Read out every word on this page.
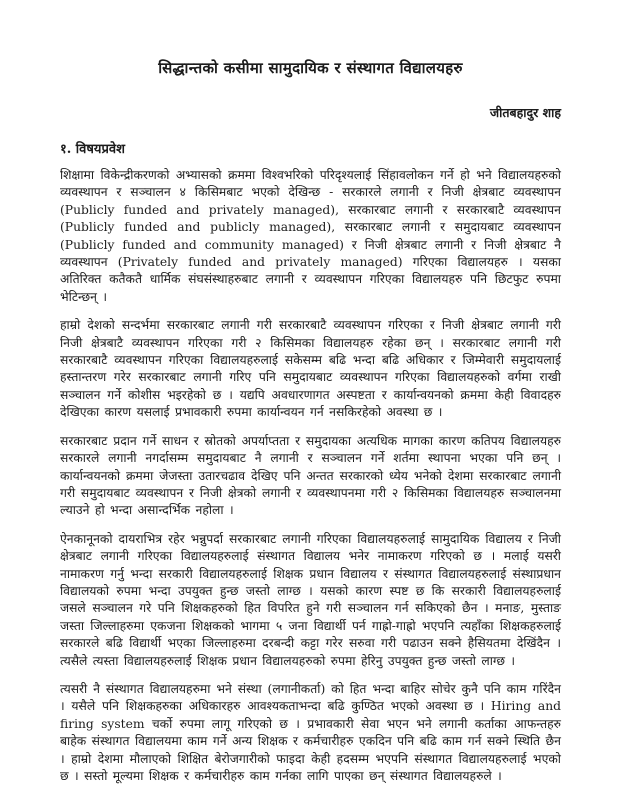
सिद्धान्तको कसीमा सामुदायिक र संस्थागत विद्यालयहरु
जीतबहादुर शाह
१. विषयप्रवेश

शिक्षामा विकेन्द्रीकरणको अभ्यासको क्रममा विश्वभरिको परिदृश्यलाई सिंहावलोकन गर्ने हो भने विद्यालयहरुको व्यवस्थापन र सञ्चालन ४ किसिमबाट भएको देखिन्छ - सरकारले लगानी र निजी क्षेत्रबाट व्यवस्थापन (Publicly funded and privately managed), सरकारबाट लगानी र सरकारबाटै व्यवस्थापन (Publicly funded and publicly managed), सरकारबाट लगानी र समुदायबाट व्यवस्थापन (Publicly funded and community managed) र निजी क्षेत्रबाट लगानी र निजी क्षेत्रबाट नै व्यवस्थापन (Privately funded and privately managed) गरिएका विद्यालयहरु । यसका अतिरिक्त कतैकतै धार्मिक संघसंस्थाहरुबाट लगानी र व्यवस्थापन गरिएका विद्यालयहरु पनि छिटफुट रुपमा भेटिन्छन् ।

हाम्रो देशको सन्दर्भमा सरकारबाट लगानी गरी सरकारबाटै व्यवस्थापन गरिएका र निजी क्षेत्रबाट लगानी गरी निजी क्षेत्रबाटै व्यवस्थापन गरिएका गरी २ किसिमका विद्यालयहरु रहेका छन् । सरकारबाट लगानी गरी सरकारबाटै व्यवस्थापन गरिएका विद्यालयहरुलाई सकेसम्म बढि भन्दा बढि अधिकार र जिम्मेवारी समुदायलाई हस्तान्तरण गरेर सरकारबाट लगानी गरिए पनि समुदायबाट व्यवस्थापन गरिएका विद्यालयहरुको वर्गमा राखी सञ्चालन गर्ने कोशीस भइरहेको छ । यद्यपि अवधारणागत अस्पष्टता र कार्यान्वयनको क्रममा केही विवादहरु देखिएका कारण यसलाई प्रभावकारी रुपमा कार्यान्वयन गर्न नसकिरहेको अवस्था छ ।

सरकारबाट प्रदान गर्ने साधन र स्रोतको अपर्याप्तता र समुदायका अत्यधिक मागका कारण कतिपय विद्यालयहरु सरकारले लगानी नगर्दासम्म समुदायबाट नै लगानी र सञ्चालन गर्ने शर्तमा स्थापना भएका पनि छन् । कार्यान्वयनको क्रममा जेजस्ता उतारचढाव देखिए पनि अन्तत सरकारको ध्येय भनेको देशमा सरकारबाट लगानी गरी समुदायबाट व्यवस्थापन र निजी क्षेत्रको लगानी र व्यवस्थापनमा गरी २ किसिमका विद्यालयहरु सञ्चालनमा ल्याउने हो भन्दा असान्दर्भिक नहोला ।

ऐनकानूनको दायराभित्र रहेर भन्नुपर्दा सरकारबाट लगानी गरिएका विद्यालयहरुलाई सामुदायिक विद्यालय र निजी क्षेत्रबाट लगानी गरिएका विद्यालयहरुलाई संस्थागत विद्यालय भनेर नामाकरण गरिएको छ । मलाई यसरी नामाकरण गर्नु भन्दा सरकारी विद्यालयहरुलाई शिक्षक प्रधान विद्यालय र संस्थागत विद्यालयहरुलाई संस्थाप्रधान विद्यालयको रुपमा भन्दा उपयुक्त हुन्छ जस्तो लाग्छ । यसको कारण स्पष्ट छ कि सरकारी विद्यालयहरुलाई जसले सञ्चालन गरे पनि शिक्षकहरुको हित विपरित हुने गरी सञ्चालन गर्न सकिएको छैन । मनाङ, मुस्ताङ जस्ता जिल्लाहरुमा एकजना शिक्षकको भागमा ५ जना विद्यार्थी पर्न गाह्रो-गाह्रो भएपनि त्यहाँका शिक्षकहरुलाई सरकारले बढि विद्यार्थी भएका जिल्लाहरुमा दरबन्दी कट्टा गरेर सरुवा गरी पढाउन सक्ने हैसियतमा देखिंदैन । त्यसैले त्यस्ता विद्यालयहरुलाई शिक्षक प्रधान विद्यालयहरुको रुपमा हेरिनु उपयुक्त हुन्छ जस्तो लाग्छ ।

त्यसरी नै संस्थागत विद्यालयहरुमा भने संस्था (लगानीकर्ता) को हित भन्दा बाहिर सोचेर कुनै पनि काम गरिंदैन । यसैले पनि शिक्षकहरुका अधिकारहरु आवश्यकताभन्दा बढि कुण्ठित भएको अवस्था छ । Hiring and firing system चर्को रुपमा लागू गरिएको छ । प्रभावकारी सेवा भएन भने लगानी कर्ताका आफन्तहरु बाहेक संस्थागत विद्यालयमा काम गर्ने अन्य शिक्षक र कर्मचारीहरु एकदिन पनि बढि काम गर्न सक्ने स्थिति छैन । हाम्रो देशमा मौलाएको शिक्षित बेरोजगारीको फाइदा केही हदसम्म भएपनि संस्थागत विद्यालयहरुलाई भएको छ । सस्तो मूल्यमा शिक्षक र कर्मचारीहरु काम गर्नका लागि पाएका छन् संस्थागत विद्यालयहरुले ।
